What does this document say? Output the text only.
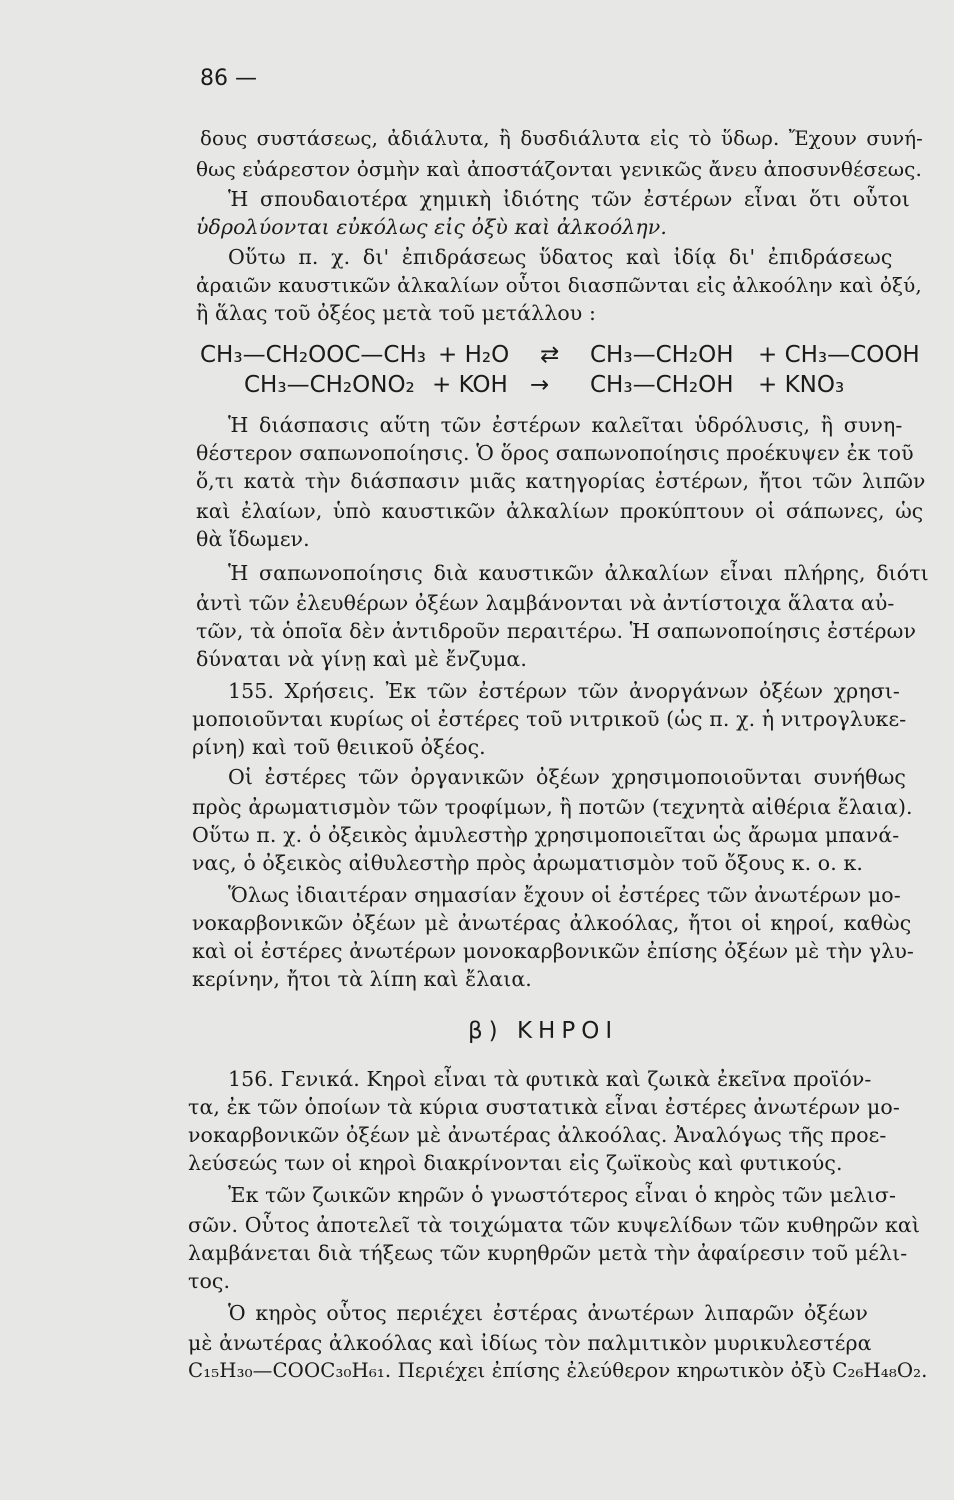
86 —
δους συστάσεως, ἀδιάλυτα, ἢ δυσδιάλυτα εἰς τὸ ὕδωρ. Ἔχουν συνή-
θως εὐάρεστον ὀσμὴν καὶ ἀποστάζονται γενικῶς ἄνευ ἀποσυνθέσεως.
Ἡ σπουδαιοτέρα χημικὴ ἰδιότης τῶν ἐστέρων εἶναι ὅτι οὗτοι
ὑδρολύονται εὐκόλως εἰς ὀξὺ καὶ ἀλκοόλην.
Οὕτω π. χ. δι' ἐπιδράσεως ὕδατος καὶ ἰδίᾳ δι' ἐπιδράσεως
ἀραιῶν καυστικῶν ἀλκαλίων οὗτοι διασπῶνται εἰς ἀλκοόλην καὶ ὀξύ,
ἢ ἅλας τοῦ ὀξέος μετὰ τοῦ μετάλλου :
CH₃—CH₂OOC—CH₃ + H₂O ⇄ CH₃—CH₂OH + CH₃—COOH
CH₃—CH₂ONO₂ + KOH → CH₃—CH₂OH + KNO₃
Ἡ διάσπασις αὕτη τῶν ἐστέρων καλεῖται ὑδρόλυσις, ἢ συνη-
θέστερον σαπωνοποίησις. Ὁ ὅρος σαπωνοποίησις προέκυψεν ἐκ τοῦ
ὅ,τι κατὰ τὴν διάσπασιν μιᾶς κατηγορίας ἐστέρων, ἤτοι τῶν λιπῶν
καὶ ἐλαίων, ὑπὸ καυστικῶν ἀλκαλίων προκύπτουν οἱ σάπωνες, ὡς
θὰ ἴδωμεν.
Ἡ σαπωνοποίησις διὰ καυστικῶν ἀλκαλίων εἶναι πλήρης, διότι
ἀντὶ τῶν ἐλευθέρων ὀξέων λαμβάνονται νὰ ἀντίστοιχα ἅλατα αὐ-
τῶν, τὰ ὁποῖα δὲν ἀντιδροῦν περαιτέρω. Ἡ σαπωνοποίησις ἐστέρων
δύναται νὰ γίνῃ καὶ μὲ ἔνζυμα.
155. Χρήσεις. Ἐκ τῶν ἐστέρων τῶν ἀνοργάνων ὀξέων χρησι-
μοποιοῦνται κυρίως οἱ ἐστέρες τοῦ νιτρικοῦ (ὡς π. χ. ἡ νιτρογλυκε-
ρίνη) καὶ τοῦ θειικοῦ ὀξέος.
Οἱ ἐστέρες τῶν ὀργανικῶν ὀξέων χρησιμοποιοῦνται συνήθως
πρὸς ἀρωματισμὸν τῶν τροφίμων, ἢ ποτῶν (τεχνητὰ αἰθέρια ἔλαια).
Οὕτω π. χ. ὁ ὀξεικὸς ἀμυλεστὴρ χρησιμοποιεῖται ὡς ἄρωμα μπανά-
νας, ὁ ὀξεικὸς αἰθυλεστὴρ πρὸς ἀρωματισμὸν τοῦ ὄξους κ. ο. κ.
Ὅλως ἰδιαιτέραν σημασίαν ἔχουν οἱ ἐστέρες τῶν ἀνωτέρων μο-
νοκαρβονικῶν ὀξέων μὲ ἀνωτέρας ἀλκοόλας, ἤτοι οἱ κηροί, καθὼς
καὶ οἱ ἐστέρες ἀνωτέρων μονοκαρβονικῶν ἐπίσης ὀξέων μὲ τὴν γλυ-
κερίνην, ἤτοι τὰ λίπη καὶ ἔλαια.
β) ΚΗΡΟΙ
156. Γενικά. Κηροὶ εἶναι τὰ φυτικὰ καὶ ζωικὰ ἐκεῖνα προϊόν-
τα, ἐκ τῶν ὁποίων τὰ κύρια συστατικὰ εἶναι ἐστέρες ἀνωτέρων μο-
νοκαρβονικῶν ὀξέων μὲ ἀνωτέρας ἀλκοόλας. Ἀναλόγως τῆς προε-
λεύσεώς των οἱ κηροὶ διακρίνονται εἰς ζωϊκοὺς καὶ φυτικούς.
Ἐκ τῶν ζωικῶν κηρῶν ὁ γνωστότερος εἶναι ὁ κηρὸς τῶν μελισ-
σῶν. Οὗτος ἀποτελεῖ τὰ τοιχώματα τῶν κυψελίδων τῶν κυθηρῶν καὶ
λαμβάνεται διὰ τήξεως τῶν κυρηθρῶν μετὰ τὴν ἀφαίρεσιν τοῦ μέλι-
τος.
Ὁ κηρὸς οὗτος περιέχει ἐστέρας ἀνωτέρων λιπαρῶν ὀξέων
μὲ ἀνωτέρας ἀλκοόλας καὶ ἰδίως τὸν παλμιτικὸν μυρικυλεστέρα
C₁₅H₃₀—COOC₃₀H₆₁. Περιέχει ἐπίσης ἐλεύθερον κηρωτικὸν ὀξὺ C₂₆H₄₈O₂.
